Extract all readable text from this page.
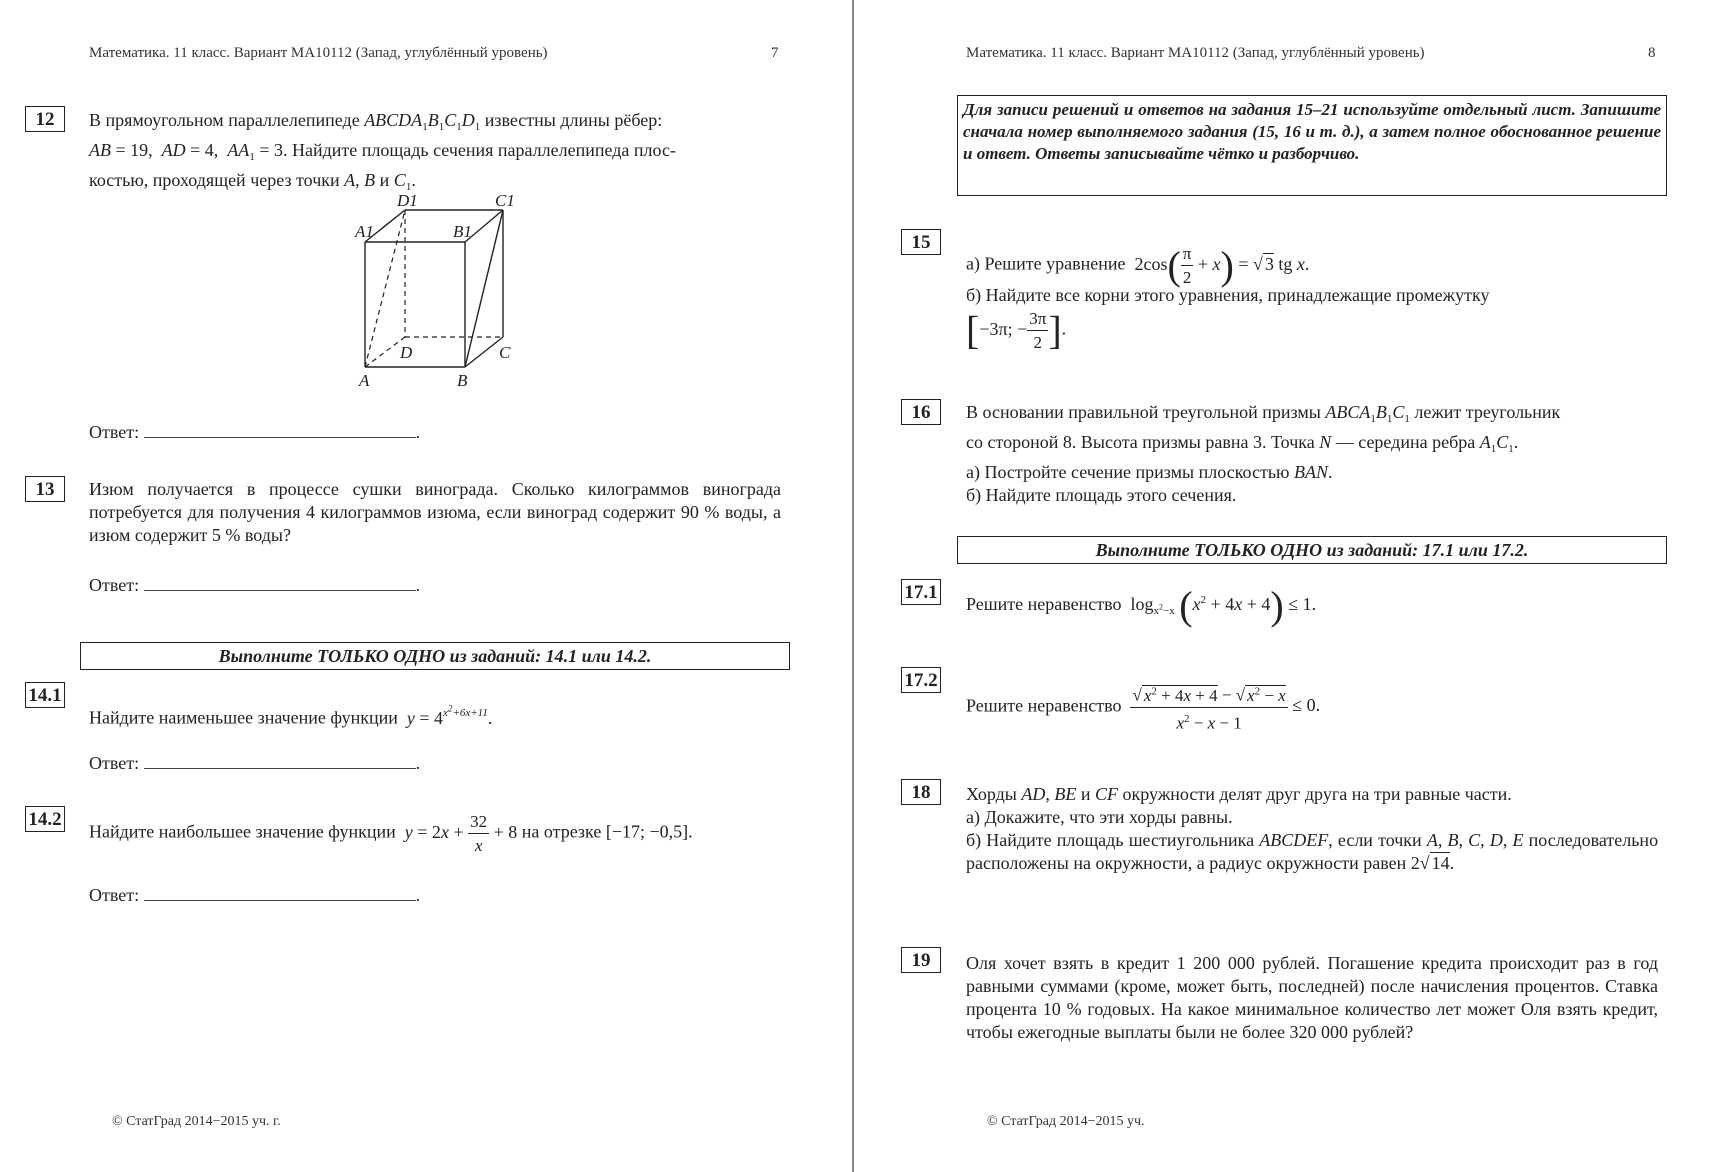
Математика. 11 класс. Вариант МА10112 (Запад, углублённый уровень)	7
12	В прямоугольном параллелепипеде $ABCDA_1B_1C_1D_1$ известны длины рёбер:
AB = 19,  AD = 4,  $AA_1 = 3$. Найдите площадь сечения параллелепипеда плос-
костью, проходящей через точки A, B и $C_1$.
D1	C1
A1	B1
D	C
A	B
Ответ:	.
13	Изюм получается в процессе сушки винограда. Сколько килограммов винограда потребуется для получения 4 килограммов изюма, если виноград содержит 90 % воды, а изюм содержит 5 % воды?
Ответ:	.
Выполните ТОЛЬКО ОДНО из заданий: 14.1 или 14.2.
14.1
Найдите наименьшее значение функции $y = 4^{x^2+6x+11}$.
Ответ:	.
14.2
Найдите наибольшее значение функции $y = 2x + \frac{32}{x} + 8$ на отрезке [−17; −0,5].
Ответ:	.
© СтатГрад 2014−2015 уч. г.
Математика. 11 класс. Вариант МА10112 (Запад, углублённый уровень)	8
Для записи решений и ответов на задания 15–21 используйте отдельный лист. Запишите сначала номер выполняемого задания (15, 16 и т. д.), а затем полное обоснованное решение и ответ. Ответы записывайте чётко и разборчиво.
15
а) Решите уравнение  $2\cos( \frac{\pi}{2} + x)$ = √ 3 tg x.
б) Найдите все корни этого уравнения, принадлежащие промежутку
[−3π; − $\frac{3\pi}{2}$ ].
16	В основании правильной треугольной призмы $ABCA_1B_1C_1$ лежит треугольник
со стороной 8. Высота призмы равна 3. Точка N — середина ребра $A_1C_1$.
а) Постройте сечение призмы плоскостью BAN.
б) Найдите площадь этого сечения.
Выполните ТОЛЬКО ОДНО из заданий: 17.1 или 17.2.
17.1
Решите неравенство  $\log_{x^2-x} (x^2 + 4x + 4) \le 1$.
17.2
Решите неравенство $\frac{√ x^2 + 4x + 4 - √ x^2 - x}{x^2 - x - 1} \le 0$.
18	Хорды AD, BE и CF окружности делят друг друга на три равные части.
а) Докажите, что эти хорды равны.
б) Найдите площадь шестиугольника ABCDEF, если точки A, B, C, D, E последовательно расположены на окружности, а радиус окружности равен 2√ 14.
19	Оля хочет взять в кредит 1 200 000 рублей. Погашение кредита происходит раз в год равными суммами (кроме, может быть, последней) после начисления процентов. Ставка процента 10 % годовых. На какое минимальное количество лет может Оля взять кредит, чтобы ежегодные выплаты были не более 320 000 рублей?
© СтатГрад 2014−2015 уч.
